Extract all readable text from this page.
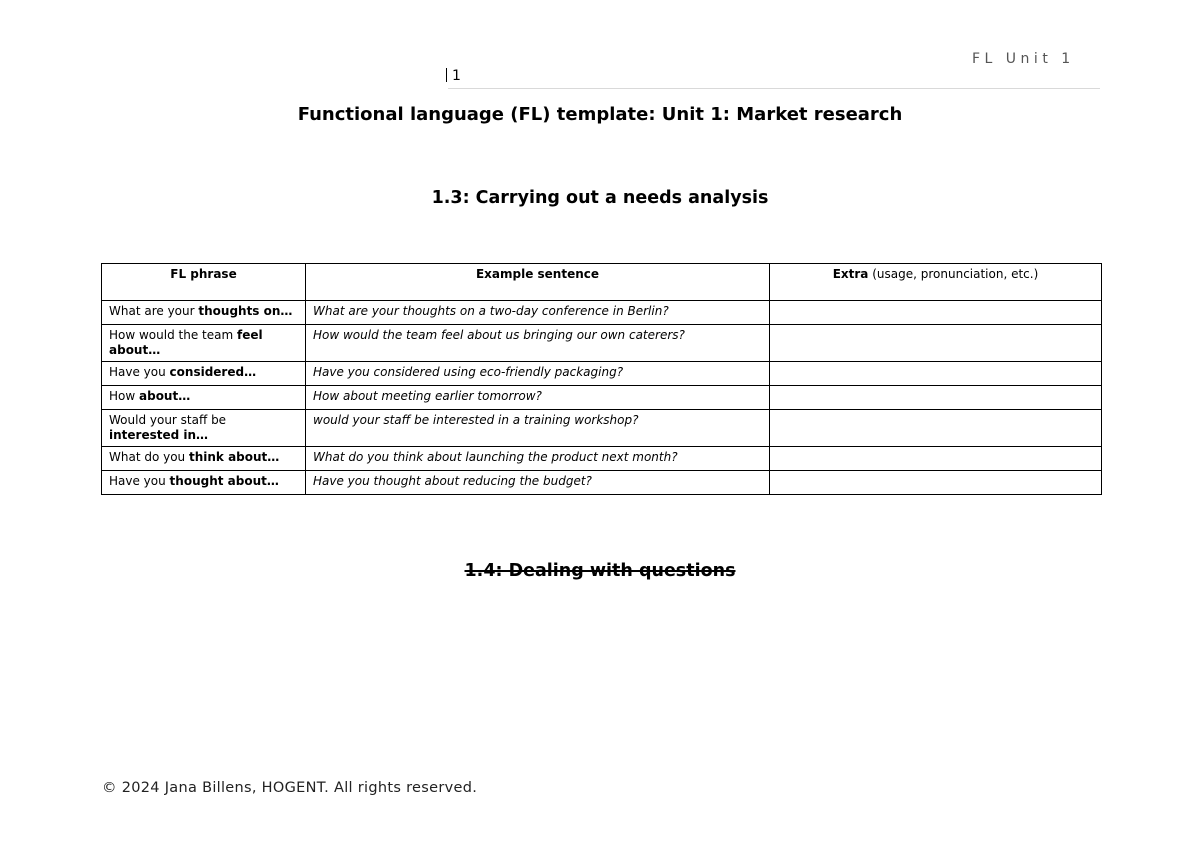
FL Unit 1
1
Functional language (FL) template: Unit 1: Market research
1.3: Carrying out a needs analysis
FL phrase	Example sentence	Extra (usage, pronunciation, etc.)
What are your thoughts on…	What are your thoughts on a two-day conference in Berlin?	
How would the team feel about…	How would the team feel about us bringing our own caterers?	
Have you considered…	Have you considered using eco-friendly packaging?	
How about…	How about meeting earlier tomorrow?	
Would your staff be interested in…	would your staff be interested in a training workshop?	
What do you think about…	What do you think about launching the product next month?	
Have you thought about…	Have you thought about reducing the budget?	
1.4: Dealing with questions
© 2024 Jana Billens, HOGENT. All rights reserved.
